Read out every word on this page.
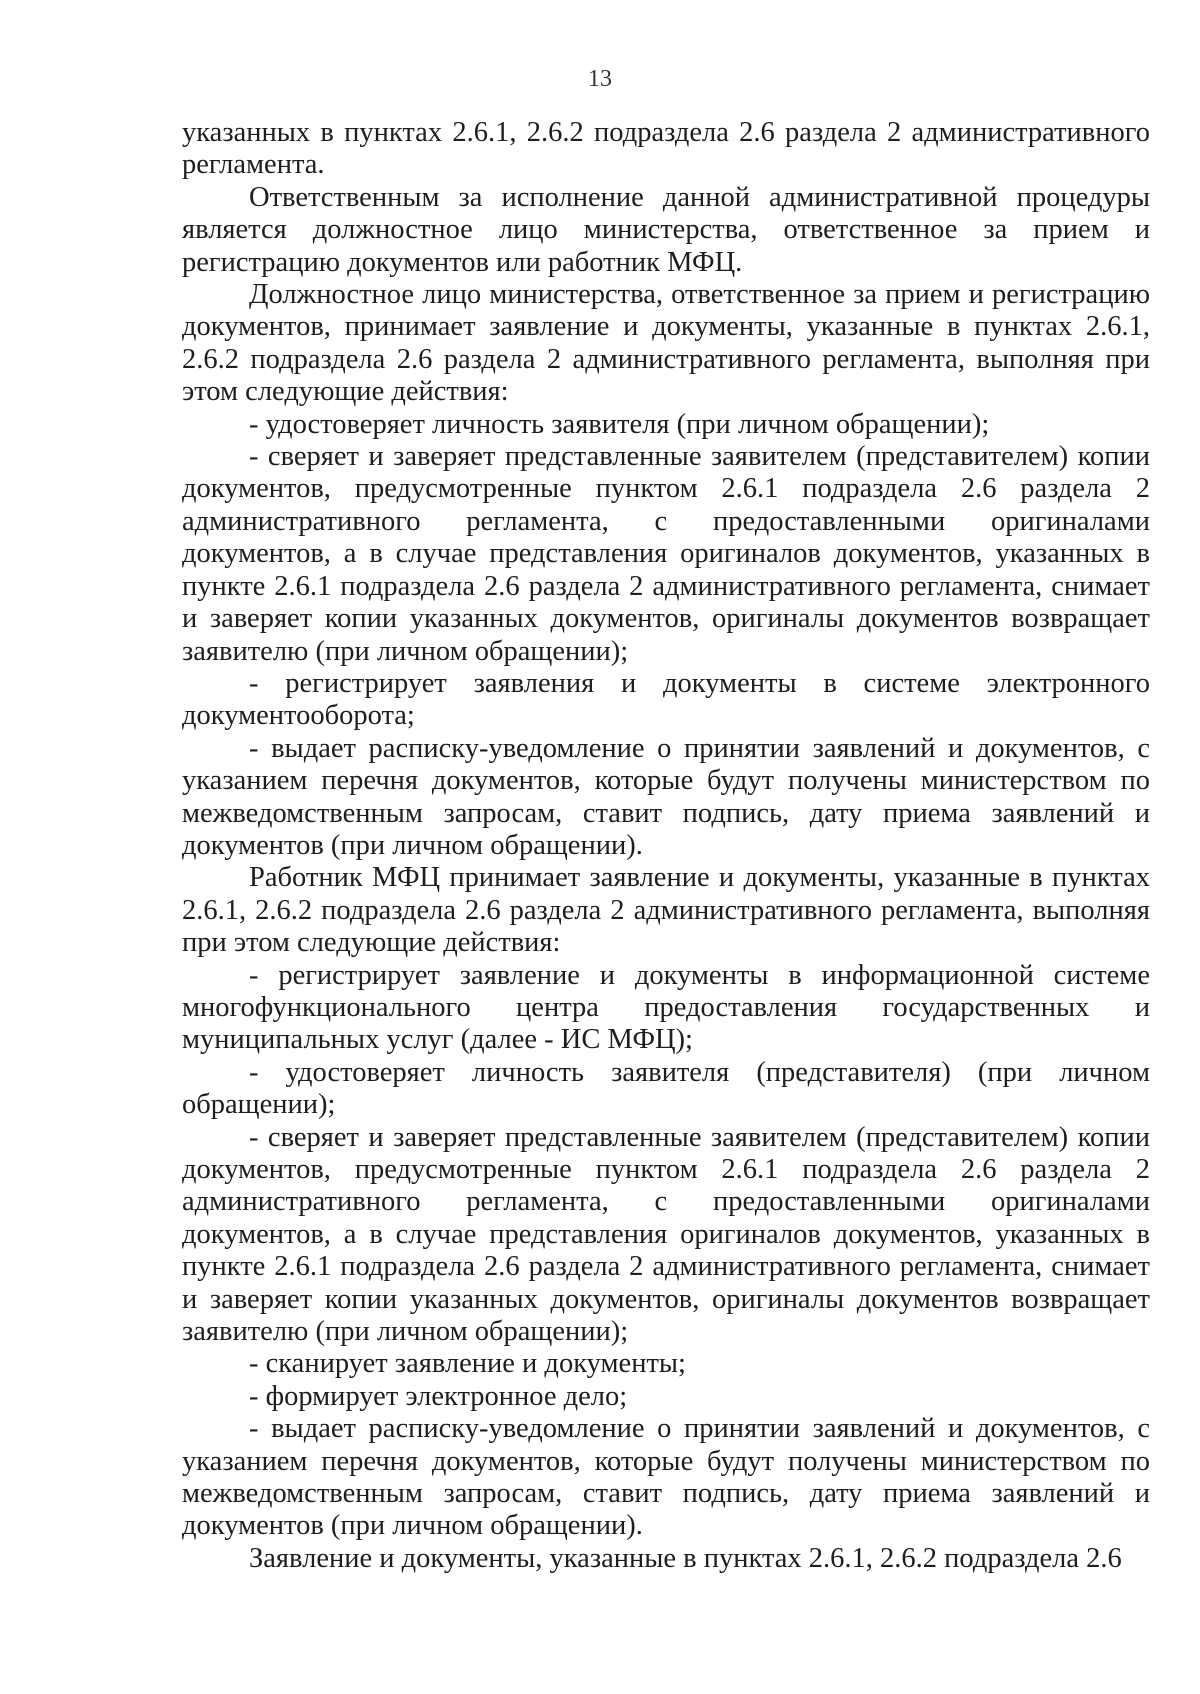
13

указанных в пунктах 2.6.1, 2.6.2 подраздела 2.6 раздела 2 административного регламента.

Ответственным за исполнение данной административной процедуры является должностное лицо министерства, ответственное за прием и регистрацию документов или работник МФЦ.

Должностное лицо министерства, ответственное за прием и регистрацию документов, принимает заявление и документы, указанные в пунктах 2.6.1, 2.6.2 подраздела 2.6 раздела 2 административного регламента, выполняя при этом следующие действия:

- удостоверяет личность заявителя (при личном обращении);

- сверяет и заверяет представленные заявителем (представителем) копии документов, предусмотренные пунктом 2.6.1 подраздела 2.6 раздела 2 административного регламента, с предоставленными оригиналами документов, а в случае представления оригиналов документов, указанных в пункте 2.6.1 подраздела 2.6 раздела 2 административного регламента, снимает и заверяет копии указанных документов, оригиналы документов возвращает заявителю (при личном обращении);

- регистрирует заявления и документы в системе электронного документооборота;

- выдает расписку-уведомление о принятии заявлений и документов, с указанием перечня документов, которые будут получены министерством по межведомственным запросам, ставит подпись, дату приема заявлений и документов (при личном обращении).

Работник МФЦ принимает заявление и документы, указанные в пунктах 2.6.1, 2.6.2 подраздела 2.6 раздела 2 административного регламента, выполняя при этом следующие действия:

- регистрирует заявление и документы в информационной системе многофункционального центра предоставления государственных и муниципальных услуг (далее - ИС МФЦ);

- удостоверяет личность заявителя (представителя) (при личном обращении);

- сверяет и заверяет представленные заявителем (представителем) копии документов, предусмотренные пунктом 2.6.1 подраздела 2.6 раздела 2 административного регламента, с предоставленными оригиналами документов, а в случае представления оригиналов документов, указанных в пункте 2.6.1 подраздела 2.6 раздела 2 административного регламента, снимает и заверяет копии указанных документов, оригиналы документов возвращает заявителю (при личном обращении);

- сканирует заявление и документы;

- формирует электронное дело;

- выдает расписку-уведомление о принятии заявлений и документов, с указанием перечня документов, которые будут получены министерством по межведомственным запросам, ставит подпись, дату приема заявлений и документов (при личном обращении).

Заявление и документы, указанные в пунктах 2.6.1, 2.6.2 подраздела 2.6
